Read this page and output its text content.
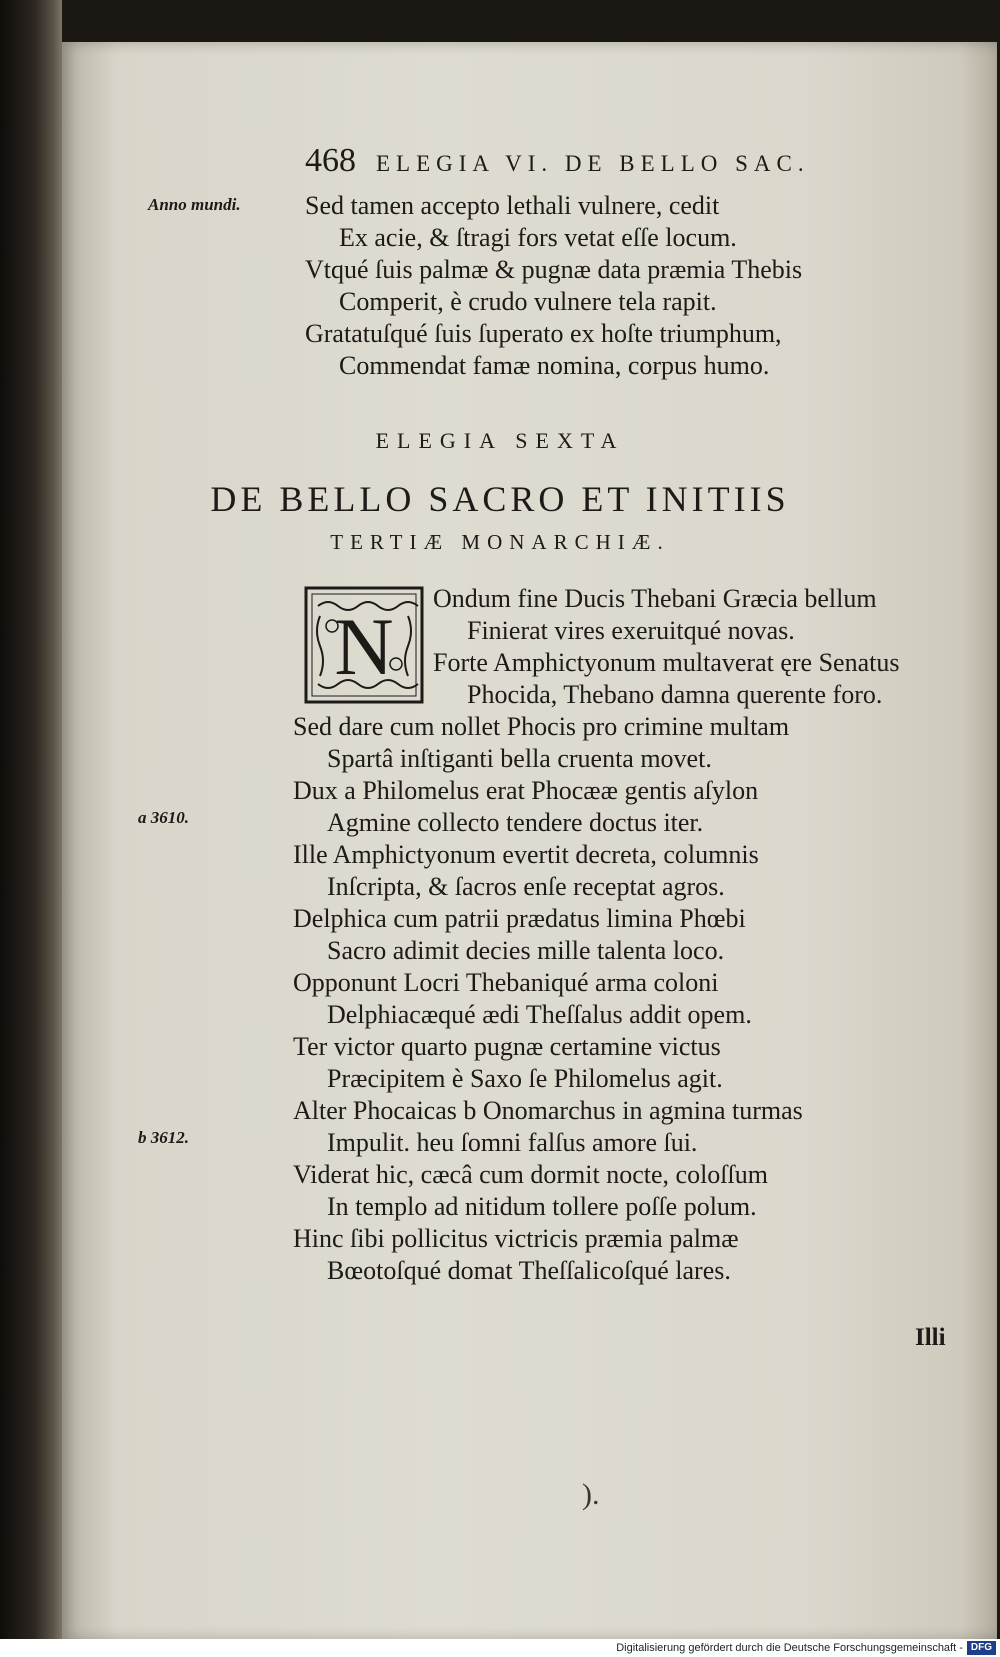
468 ELEGIA VI. DE BELLO SAC.
Anno mundi.
a 3610.
b 3612.
Sed tamen accepto lethali vulnere, cedit
Ex acie, & ſtragi fors vetat eſſe locum.
Vtqué ſuis palmæ & pugnæ data præmia Thebis
Comperit, è crudo vulnere tela rapit.
Gratatuſqué ſuis ſuperato ex hoſte triumphum,
Commendat famæ nomina, corpus humo.
ELEGIA SEXTA
DE BELLO SACRO ET INITIIS
TERTIÆ MONARCHIÆ.
N
Ondum fine Ducis Thebani Græcia bellum
Finierat vires exeruitqué novas.
Forte Amphictyonum multaverat ęre Senatus
Phocida, Thebano damna querente foro.
Sed dare cum nollet Phocis pro crimine multam
Spartâ inſtiganti bella cruenta movet.
Dux a Philomelus erat Phocææ gentis aſylon
Agmine collecto tendere doctus iter.
Ille Amphictyonum evertit decreta, columnis
Inſcripta, & ſacros enſe receptat agros.
Delphica cum patrii prædatus limina Phœbi
Sacro adimit decies mille talenta loco.
Opponunt Locri Thebaniqué arma coloni
Delphiacæqué ædi Theſſalus addit opem.
Ter victor quarto pugnæ certamine victus
Præcipitem è Saxo ſe Philomelus agit.
Alter Phocaicas b Onomarchus in agmina turmas
Impulit. heu ſomni falſus amore ſui.
Viderat hic, cæcâ cum dormit nocte, coloſſum
In templo ad nitidum tollere poſſe polum.
Hinc ſibi pollicitus victricis præmia palmæ
Bœotoſqué domat Theſſalicoſqué lares.
Illi
).
Digitalisierung gefördert durch die Deutsche Forschungsgemeinschaft - DFG
